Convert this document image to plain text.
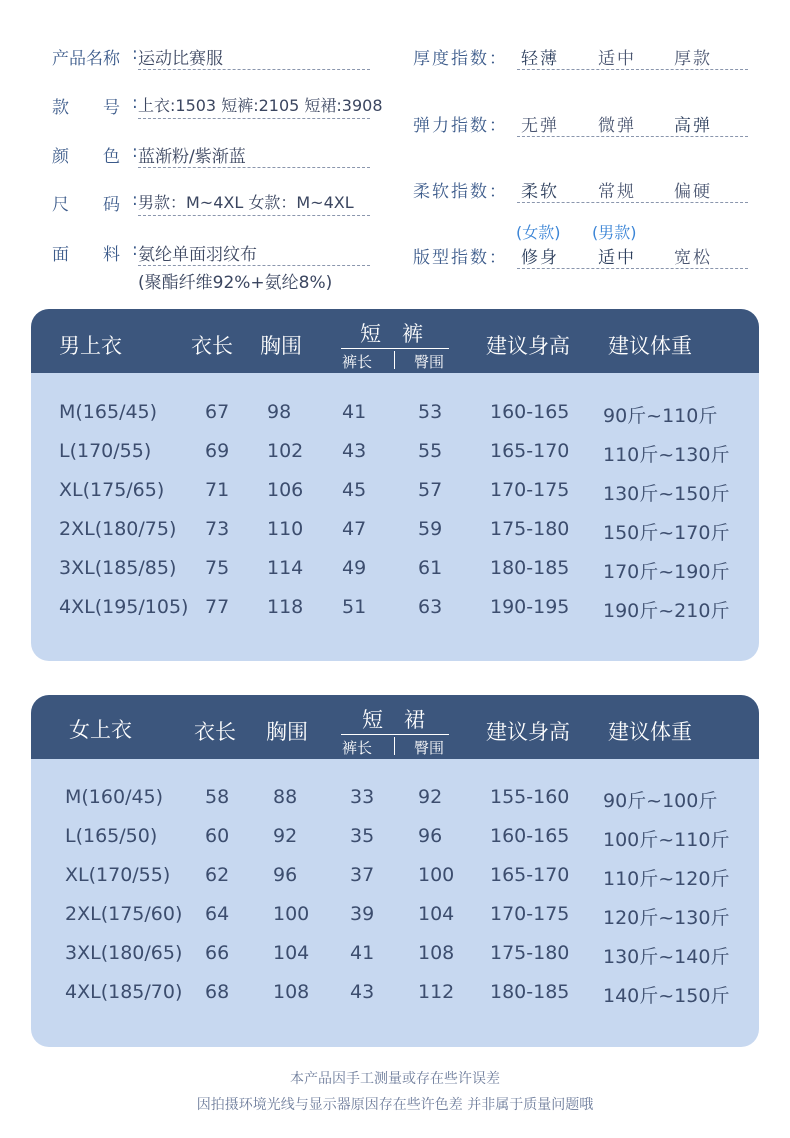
产品名称 : 运动比赛服
款　　号 : 上衣:1503 短裤:2105 短裙:3908
颜　　色 : 蓝渐粉/紫渐蓝
尺　　码 : 男款：M~4XL 女款：M~4XL
面　　料 : 氨纶单面羽纹布
(聚酯纤维92%+氨纶8%)
厚度指数： 轻薄 适中 厚款
弹力指数： 无弹 微弹 高弹
柔软指数： 柔软 常规 偏硬
(女款) (男款)
版型指数： 修身 适中 宽松
男上衣	衣长 胸围	短　裤
裤长	臀围
建议身高 建议体重
M(165/45)	67 98	41	53	160-165 90斤~110斤
L(170/55)	69 102 43	55	165-170 110斤~130斤
XL(175/65) 71 106 45	57	170-175 130斤~150斤
2XL(180/75) 73 110 47	59	175-180 150斤~170斤
3XL(185/85) 75 114 49	61	180-185 170斤~190斤
4XL(195/105) 77 118 51	63	190-195 190斤~210斤
女上衣	衣长 胸围	短　裙
裤长	臀围
建议身高 建议体重
M(160/45) 58 88	33 92	155-160 90斤~100斤
L(165/50)	60 92	35 96	160-165 100斤~110斤
XL(170/55) 62 96	37 100 165-170 110斤~120斤
2XL(175/60) 64 100 39 104 170-175 120斤~130斤
3XL(180/65) 66 104 41 108 175-180 130斤~140斤
4XL(185/70) 68 108 43 112 180-185 140斤~150斤
本产品因手工测量或存在些许误差
因拍摄环境光线与显示器原因存在些许色差 并非属于质量问题哦
